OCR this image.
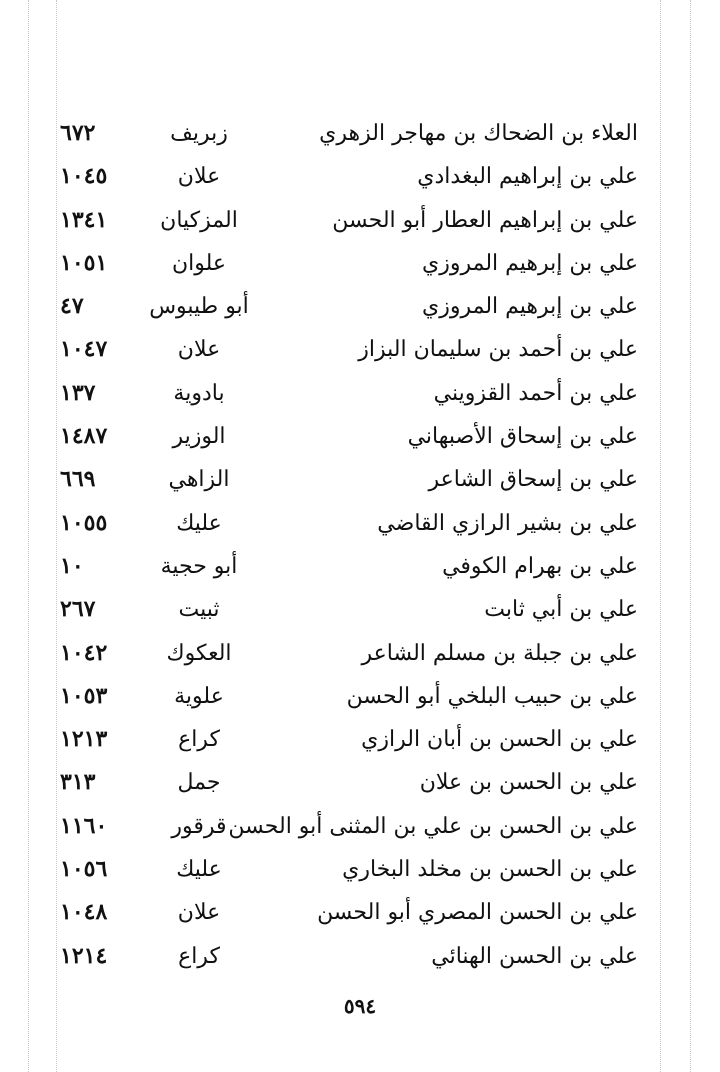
العلاء بن الضحاك بن مهاجر الزهري
زبريف
٦٧٢
علي بن إبراهيم البغدادي
علان
١٠٤٥
علي بن إبراهيم العطار أبو الحسن
المزكيان
١٣٤١
علي بن إبرهيم المروزي
علوان
١٠٥١
علي بن إبرهيم المروزي
أبو طيبوس
٤٧
علي بن أحمد بن سليمان البزاز
علان
١٠٤٧
علي بن أحمد القزويني
بادوية
١٣٧
علي بن إسحاق الأصبهاني
الوزير
١٤٨٧
علي بن إسحاق الشاعر
الزاهي
٦٦٩
علي بن بشير الرازي القاضي
عليك
١٠٥٥
علي بن بهرام الكوفي
أبو حجية
١٠
علي بن أبي ثابت
ثبيت
٢٦٧
علي بن جبلة بن مسلم الشاعر
العكوك
١٠٤٢
علي بن حبيب البلخي أبو الحسن
علوية
١٠٥٣
علي بن الحسن بن أبان الرازي
كراع
١٢١٣
علي بن الحسن بن علان
جمل
٣١٣
علي بن الحسن بن علي بن المثنى أبو الحسن
قرقور
١١٦٠
علي بن الحسن بن مخلد البخاري
عليك
١٠٥٦
علي بن الحسن المصري أبو الحسن
علان
١٠٤٨
علي بن الحسن الهنائي
كراع
١٢١٤
٥٩٤
